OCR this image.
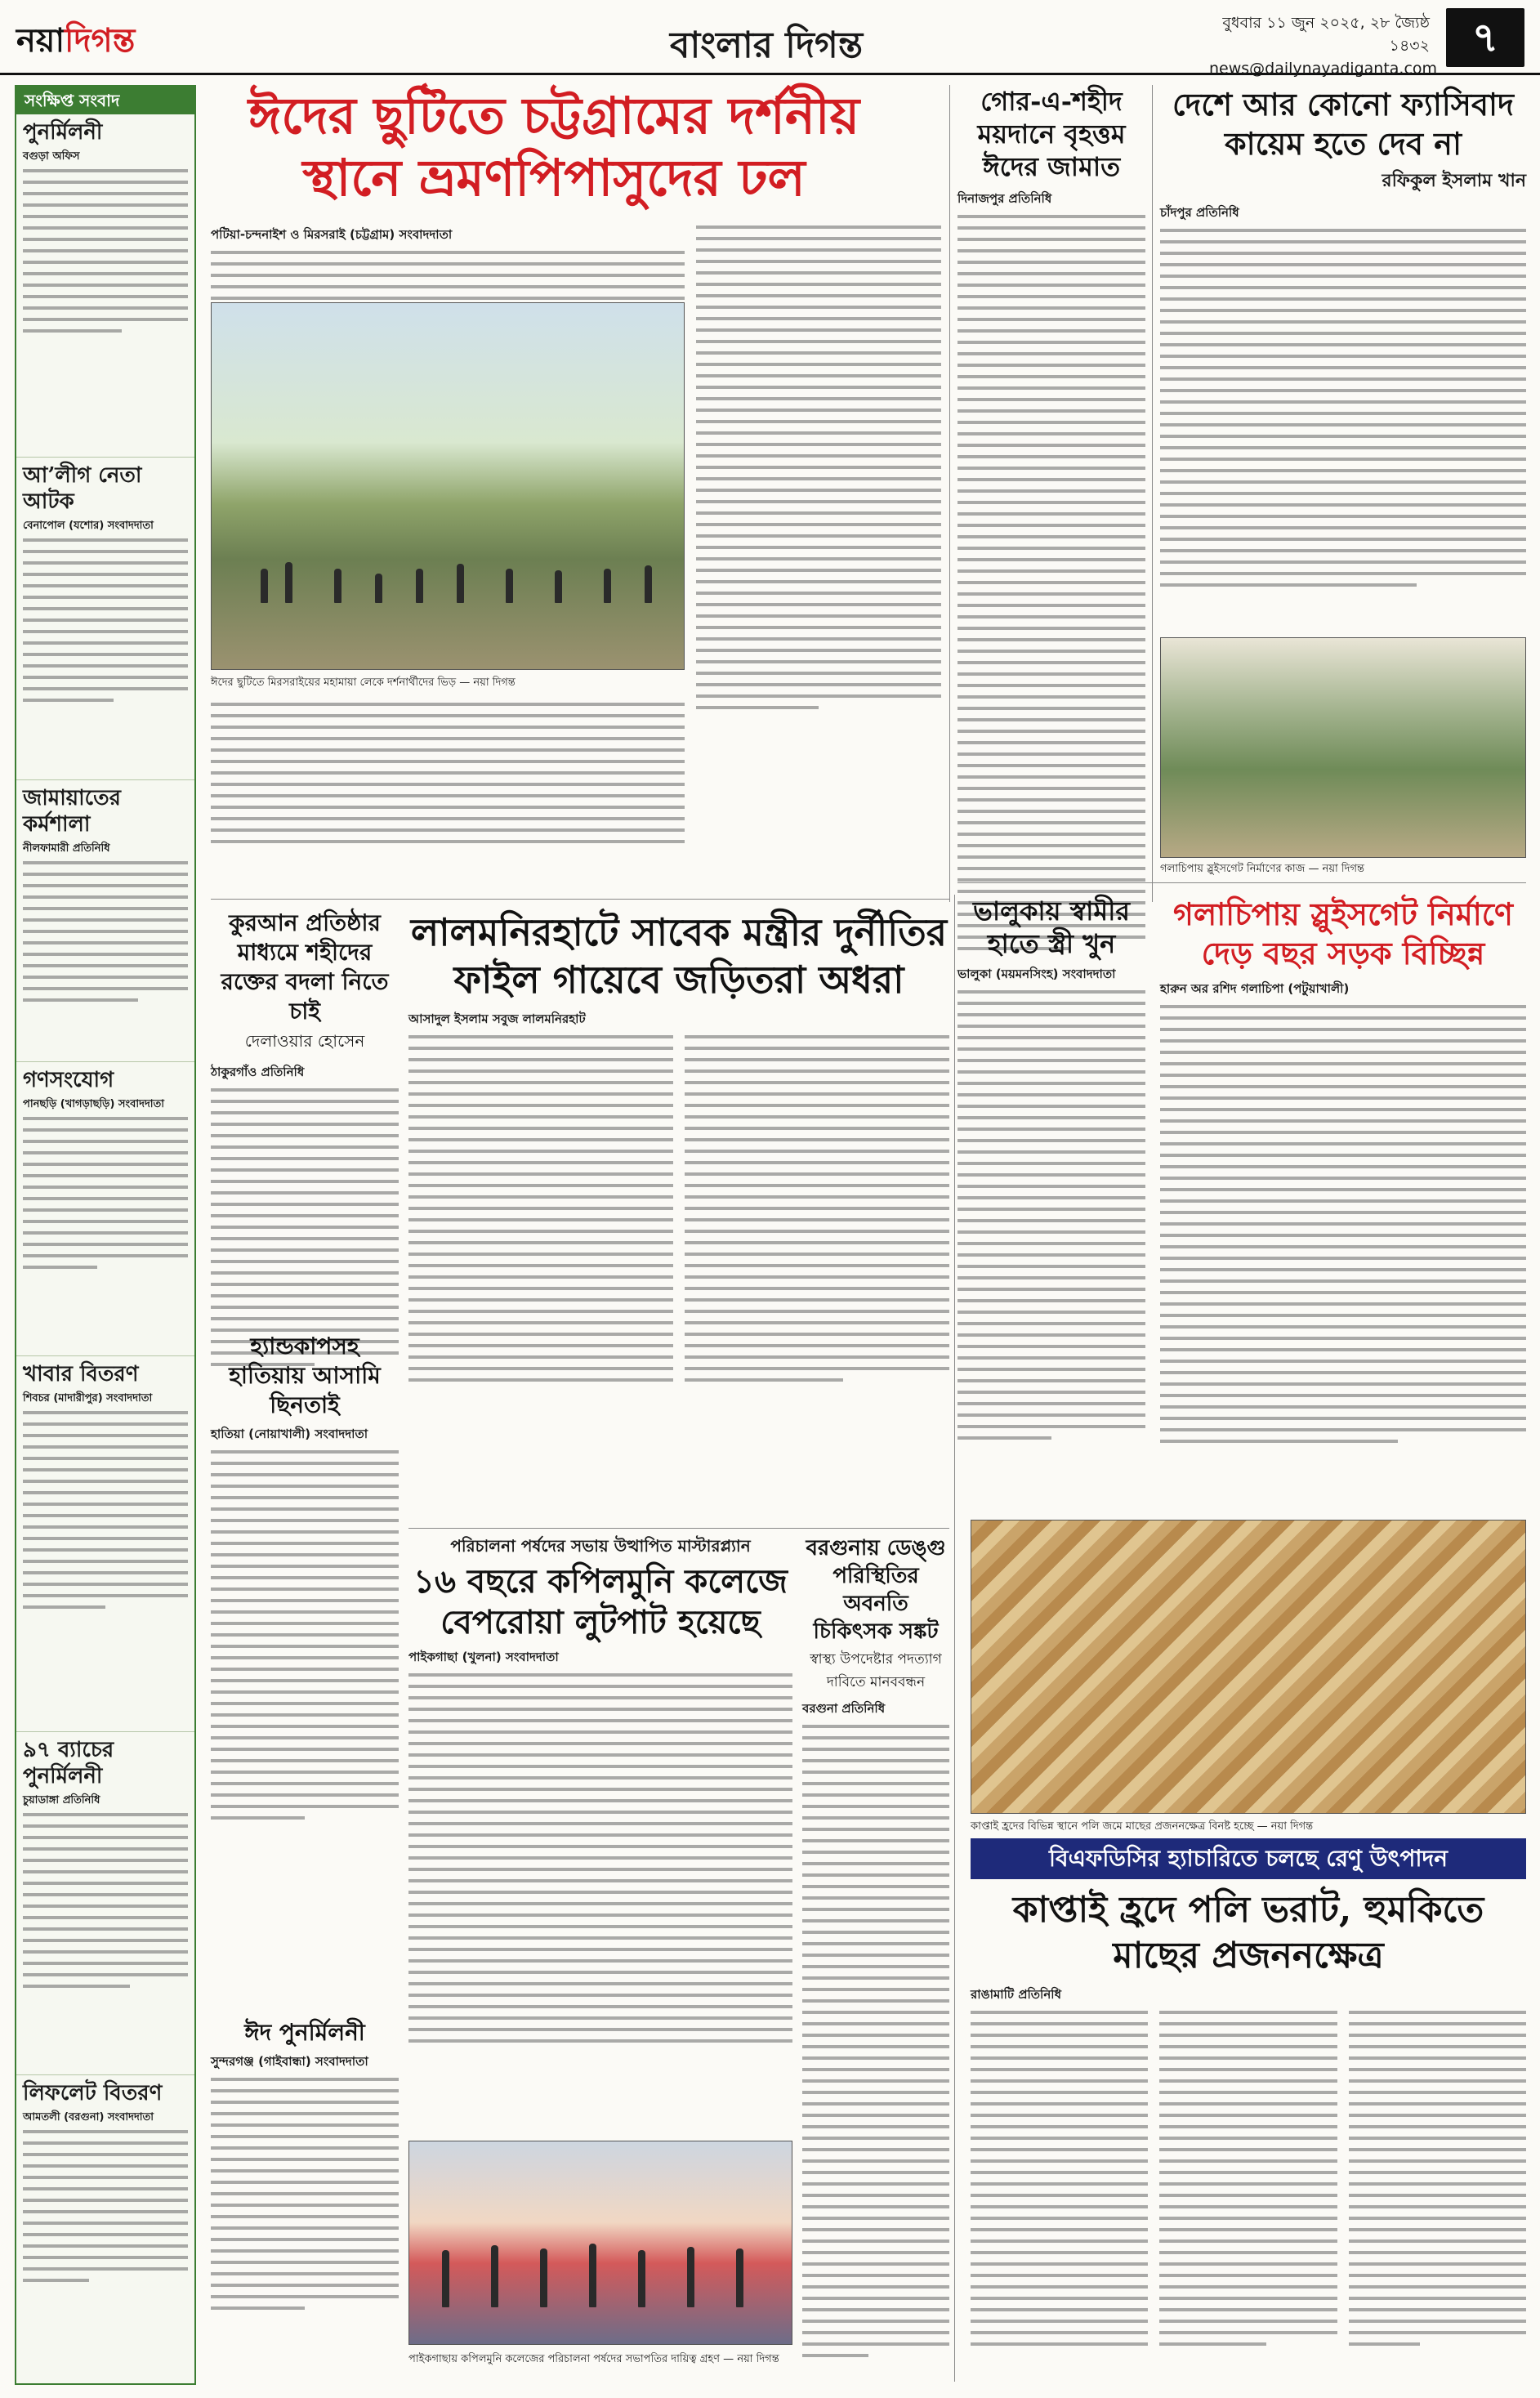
নয়াদিগন্ত	বাংলার দিগন্ত
বুধবার ১১ জুন ২০২৫, ২৮ জ্যৈষ্ঠ ১৪৩২
news@dailynayadiganta.com
৭
সংক্ষিপ্ত সংবাদ
পুনর্মিলনী
বগুড়া অফিস
আ’লীগ নেতা আটক
বেনাপোল (যশোর) সংবাদদাতা
জামায়াতের কর্মশালা
নীলফামারী প্রতিনিধি
গণসংযোগ
পানছড়ি (খাগড়াছড়ি) সংবাদদাতা
খাবার বিতরণ
শিবচর (মাদারীপুর) সংবাদদাতা
৯৭ ব্যাচের পুনর্মিলনী
চুয়াডাঙ্গা প্রতিনিধি
লিফলেট বিতরণ
আমতলী (বরগুনা) সংবাদদাতা
ঈদের ছুটিতে চট্টগ্রামের দর্শনীয়
স্থানে ভ্রমণপিপাসুদের ঢল
পটিয়া-চন্দনাইশ ও মিরসরাই (চট্টগ্রাম) সংবাদদাতা
ঈদের ছুটিতে মিরসরাইয়ের মহামায়া লেকে দর্শনার্থীদের ভিড় — নয়া দিগন্ত
গোর-এ-শহীদ ময়দানে বৃহত্তম ঈদের জামাত
দিনাজপুর প্রতিনিধি
দেশে আর কোনো ফ্যাসিবাদ কায়েম হতে দেব না
রফিকুল ইসলাম খান
চাঁদপুর প্রতিনিধি
গলাচিপায় স্লুইসগেট নির্মাণের কাজ — নয়া দিগন্ত
ভালুকায় স্বামীর হাতে স্ত্রী খুন
ভালুকা (ময়মনসিংহ) সংবাদদাতা
গলাচিপায় স্লুইসগেট নির্মাণে দেড় বছর সড়ক বিচ্ছিন্ন
হারুন অর রশিদ গলাচিপা (পটুয়াখালী)
কুরআন প্রতিষ্ঠার মাধ্যমে শহীদের রক্তের বদলা নিতে চাই
দেলাওয়ার হোসেন
ঠাকুরগাঁও প্রতিনিধি
লালমনিরহাটে সাবেক মন্ত্রীর দুর্নীতির
ফাইল গায়েবে জড়িতরা অধরা
আসাদুল ইসলাম সবুজ লালমনিরহাট
হ্যান্ডকাপসহ হাতিয়ায় আসামি ছিনতাই
হাতিয়া (নোয়াখালী) সংবাদদাতা
পরিচালনা পর্ষদের সভায় উত্থাপিত মাস্টারপ্ল্যান
১৬ বছরে কপিলমুনি কলেজে বেপরোয়া লুটপাট হয়েছে
পাইকগাছা (খুলনা) সংবাদদাতা
বরগুনায় ডেঙ্গু পরিস্থিতির অবনতি চিকিৎসক সঙ্কট
স্বাস্থ্য উপদেষ্টার পদত্যাগ দাবিতে মানববন্ধন
বরগুনা প্রতিনিধি
ঈদ পুনর্মিলনী
সুন্দরগঞ্জ (গাইবান্ধা) সংবাদদাতা
পাইকগাছায় কপিলমুনি কলেজের পরিচালনা পর্ষদের সভাপতির দায়িত্ব গ্রহণ — নয়া দিগন্ত
কাপ্তাই হ্রদের বিভিন্ন স্থানে পলি জমে মাছের প্রজননক্ষেত্র বিনষ্ট হচ্ছে — নয়া দিগন্ত
বিএফডিসির হ্যাচারিতে চলছে রেণু উৎপাদন
কাপ্তাই হ্রদে পলি ভরাট, হুমকিতে
মাছের প্রজননক্ষেত্র
রাঙামাটি প্রতিনিধি
